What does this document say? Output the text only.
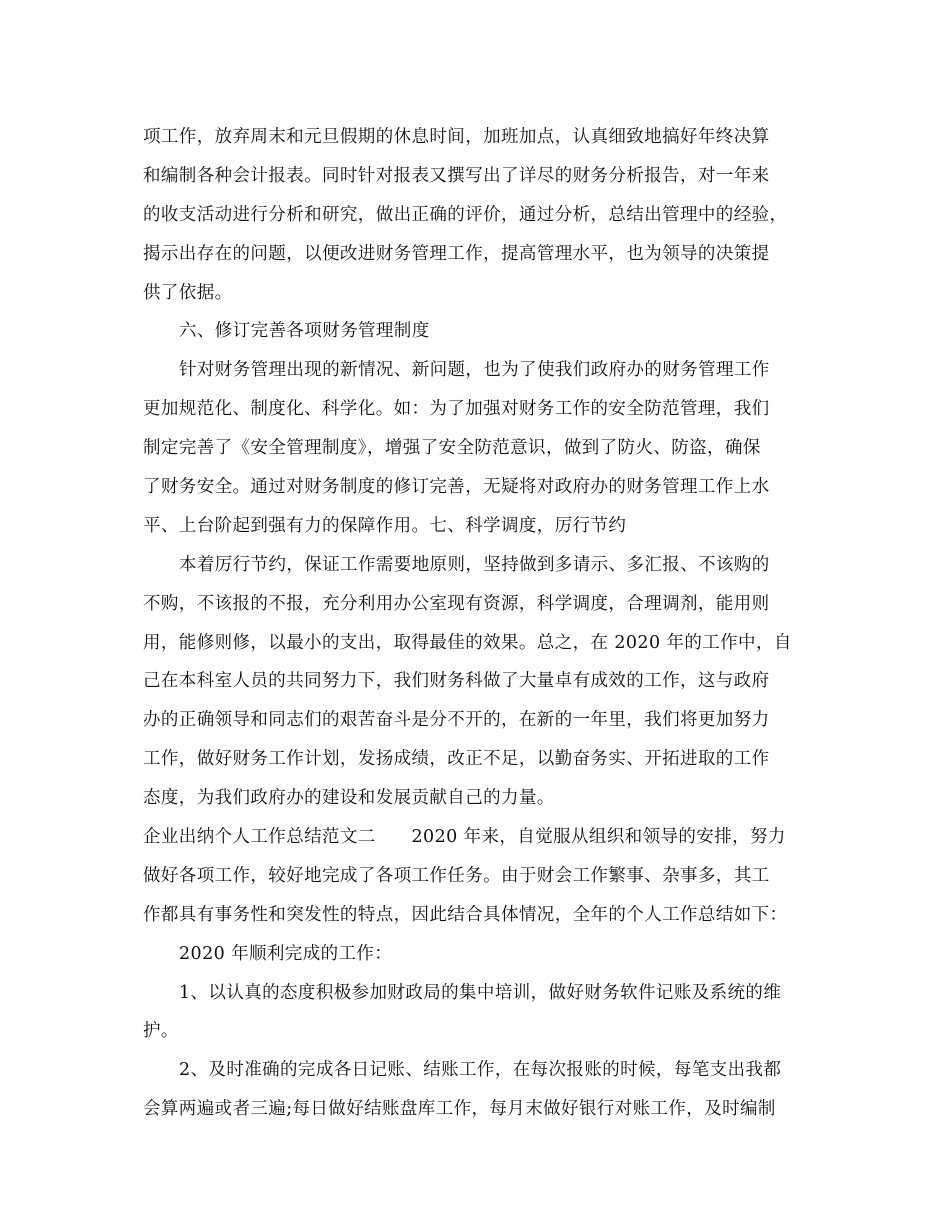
项工作，放弃周末和元旦假期的休息时间，加班加点，认真细致地搞好年终决算
和编制各种会计报表。同时针对报表又撰写出了详尽的财务分析报告，对一年来
的收支活动进行分析和研究，做出正确的评价，通过分析，总结出管理中的经验，
揭示出存在的问题，以便改进财务管理工作，提高管理水平，也为领导的决策提
供了依据。
六、修订完善各项财务管理制度
针对财务管理出现的新情况、新问题，也为了使我们政府办的财务管理工作
更加规范化、制度化、科学化。如：为了加强对财务工作的安全防范管理，我们
制定完善了《安全管理制度》，增强了安全防范意识，做到了防火、防盗，确保
了财务安全。通过对财务制度的修订完善，无疑将对政府办的财务管理工作上水
平、上台阶起到强有力的保障作用。七、科学调度，厉行节约
本着厉行节约，保证工作需要地原则，坚持做到多请示、多汇报、不该购的
不购，不该报的不报，充分利用办公室现有资源，科学调度，合理调剂，能用则
用，能修则修，以最小的支出，取得最佳的效果。总之，在 2020 年的工作中，自
己在本科室人员的共同努力下，我们财务科做了大量卓有成效的工作，这与政府
办的正确领导和同志们的艰苦奋斗是分不开的，在新的一年里，我们将更加努力
工作，做好财务工作计划，发扬成绩，改正不足，以勤奋务实、开拓进取的工作
态度，为我们政府办的建设和发展贡献自己的力量。
企业出纳个人工作总结范文二　　2020 年来，自觉服从组织和领导的安排，努力
做好各项工作，较好地完成了各项工作任务。由于财会工作繁事、杂事多，其工
作都具有事务性和突发性的特点，因此结合具体情况，全年的个人工作总结如下：
2020 年顺利完成的工作：
1、以认真的态度积极参加财政局的集中培训，做好财务软件记账及系统的维
护。
2、及时准确的完成各日记账、结账工作，在每次报账的时候，每笔支出我都
会算两遍或者三遍;每日做好结账盘库工作，每月末做好银行对账工作，及时编制
